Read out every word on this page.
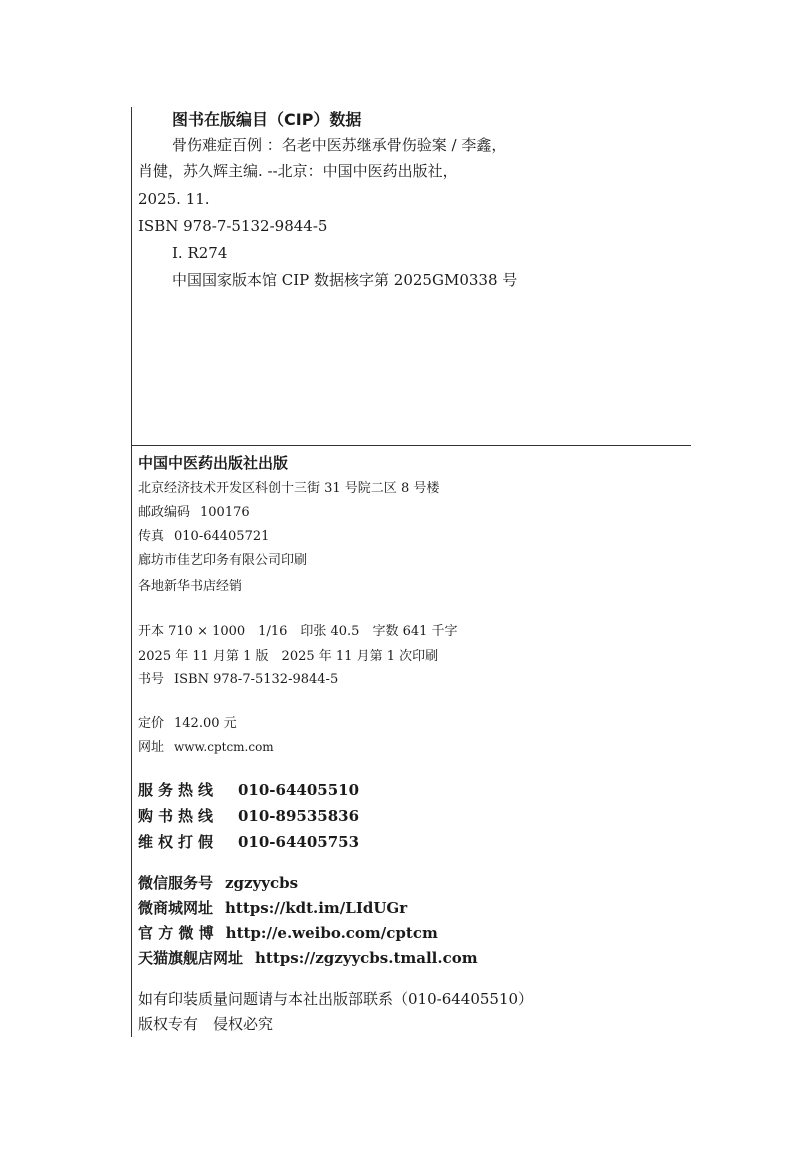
图书在版编目（CIP）数据
骨伤难症百例 ：名老中医苏继承骨伤验案 / 李鑫，
肖健，苏久辉主编. --北京：中国中医药出版社，
2025. 11.
ISBN 978-7-5132-9844-5
Ⅰ. R274
中国国家版本馆 CIP 数据核字第 2025GM0338 号
中国中医药出版社出版
北京经济技术开发区科创十三街 31 号院二区 8 号楼
邮政编码 100176
传真 010-64405721
廊坊市佳艺印务有限公司印刷
各地新华书店经销
开本 710 × 1000　1/16　印张 40.5　字数 641 千字
2025 年 11 月第 1 版　2025 年 11 月第 1 次印刷
书号 ISBN 978-7-5132-9844-5
定价 142.00 元
网址 www.cptcm.com
服务热线 010-64405510
购书热线 010-89535836
维权打假 010-64405753
微信服务号 zgzyycbs
微商城网址 https://kdt.im/LIdUGr
官 方 微 博 http://e.weibo.com/cptcm
天猫旗舰店网址 https://zgzyycbs.tmall.com
如有印装质量问题请与本社出版部联系（010-64405510）
版权专有　侵权必究
